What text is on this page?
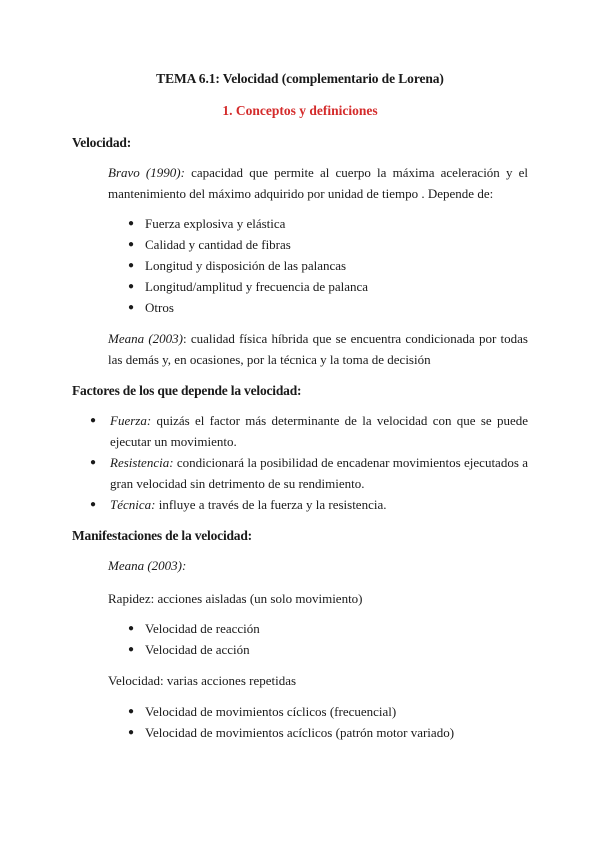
TEMA 6.1: Velocidad (complementario de Lorena)
1. Conceptos y definiciones
Velocidad:
Bravo (1990): capacidad que permite al cuerpo la máxima aceleración y el mantenimiento del máximo adquirido por unidad de tiempo . Depende de:
● Fuerza explosiva y elástica
● Calidad y cantidad de fibras
● Longitud y disposición de las palancas
● Longitud/amplitud y frecuencia de palanca
● Otros
Meana (2003): cualidad física híbrida que se encuentra condicionada por todas las demás y, en ocasiones, por la técnica y la toma de decisión
Factores de los que depende la velocidad:
●	Fuerza: quizás el factor más determinante de la velocidad con que se puede ejecutar un movimiento.
●	Resistencia: condicionará la posibilidad de encadenar movimientos ejecutados a gran velocidad sin detrimento de su rendimiento.
●	Técnica: influye a través de la fuerza y la resistencia.
Manifestaciones de la velocidad:
Meana (2003):
Rapidez: acciones aisladas (un solo movimiento)
● Velocidad de reacción
● Velocidad de acción
Velocidad: varias acciones repetidas
● Velocidad de movimientos cíclicos (frecuencial)
● Velocidad de movimientos acíclicos (patrón motor variado)
